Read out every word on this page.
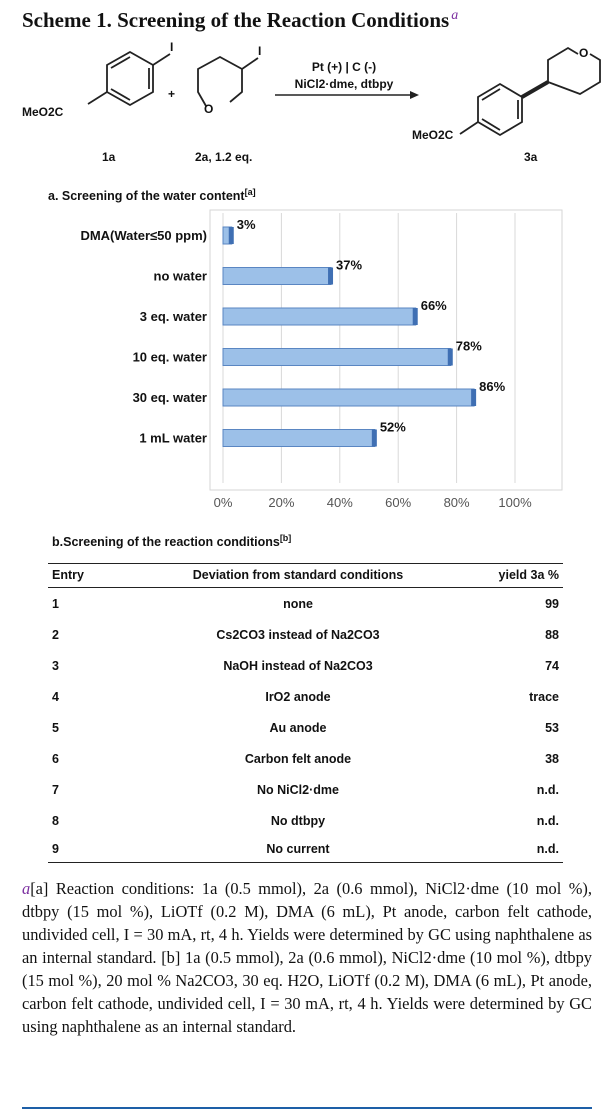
Scheme 1. Screening of the Reaction Conditions $^a$
MeO2C
I
+
O
I
Pt (+) | C (-)
NiCl2·dme, dtbpy
MeO2C
O
1a	2a, 1.2 eq.	3a
a. Screening of the water content[a]
0%	20% 40% 60% 80% 100%
DMA(Water≤50 ppm)
3%
no water
37%
3 eq. water
66%
10 eq. water
78%
30 eq. water
86%
1 mL water
52%
b.Screening of the reaction conditions[b]
Entry	Deviation from standard conditions	yield 3a %
1	none	99
2	Cs2CO3 instead of Na2CO3	88
3	NaOH instead of Na2CO3	74
4	IrO2 anode	trace
5	Au anode	53
6	Carbon felt anode	38
7	No NiCl2·dme	n.d.
8	No dtbpy	n.d.
9	No current	n.d.
a[a] Reaction conditions: 1a (0.5 mmol), 2a (0.6 mmol), NiCl2·dme (10 mol %), dtbpy (15 mol %), LiOTf (0.2 M), DMA (6 mL), Pt anode, carbon felt cathode, undivided cell, I = 30 mA, rt, 4 h. Yields were determined by GC using naphthalene as an internal standard. [b] 1a (0.5 mmol), 2a (0.6 mmol), NiCl2·dme (10 mol %), dtbpy (15 mol %), 20 mol % Na2CO3, 30 eq. H2O, LiOTf (0.2 M), DMA (6 mL), Pt anode, carbon felt cathode, undivided cell, I = 30 mA, rt, 4 h. Yields were determined by GC using naphthalene as an internal standard.
